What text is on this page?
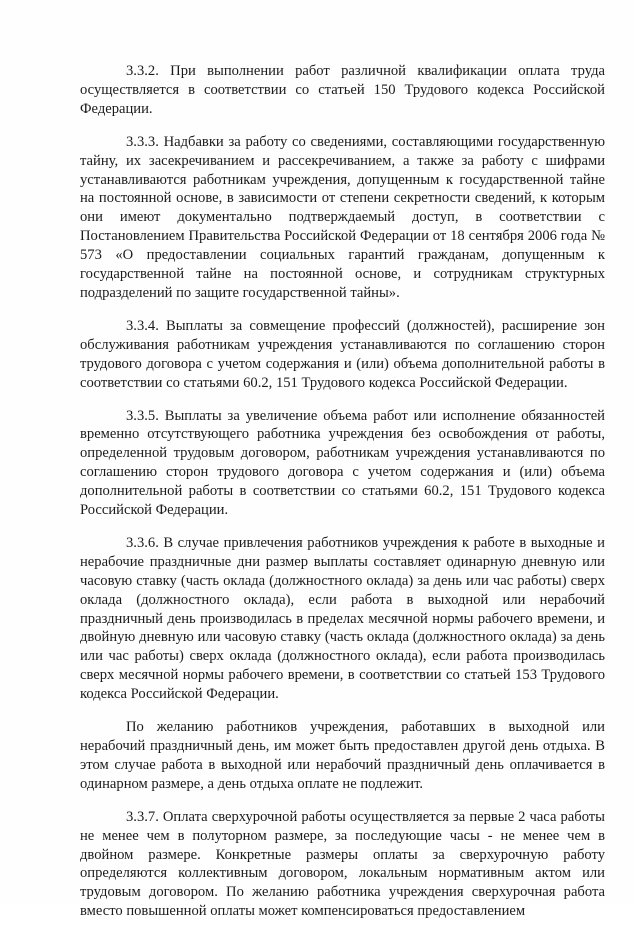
3.3.2. При выполнении работ различной квалификации оплата труда осуществляется в соответствии со статьей 150 Трудового кодекса Российской Федерации.

3.3.3. Надбавки за работу со сведениями, составляющими государственную тайну, их засекречиванием и рассекречиванием, а также за работу с шифрами устанавливаются работникам учреждения, допущенным к государственной тайне на постоянной основе, в зависимости от степени секретности сведений, к которым они имеют документально подтверждаемый доступ, в соответствии с Постановлением Правительства Российской Федерации от 18 сентября 2006 года № 573 «О предоставлении социальных гарантий гражданам, допущенным к государственной тайне на постоянной основе, и сотрудникам структурных подразделений по защите государственной тайны».

3.3.4. Выплаты за совмещение профессий (должностей), расширение зон обслуживания работникам учреждения устанавливаются по соглашению сторон трудового договора с учетом содержания и (или) объема дополнительной работы в соответствии со статьями 60.2, 151 Трудового кодекса Российской Федерации.

3.3.5. Выплаты за увеличение объема работ или исполнение обязанностей временно отсутствующего работника учреждения без освобождения от работы, определенной трудовым договором, работникам учреждения устанавливаются по соглашению сторон трудового договора с учетом содержания и (или) объема дополнительной работы в соответствии со статьями 60.2, 151 Трудового кодекса Российской Федерации.

3.3.6. В случае привлечения работников учреждения к работе в выходные и нерабочие праздничные дни размер выплаты составляет одинарную дневную или часовую ставку (часть оклада (должностного оклада) за день или час работы) сверх оклада (должностного оклада), если работа в выходной или нерабочий праздничный день производилась в пределах месячной нормы рабочего времени, и двойную дневную или часовую ставку (часть оклада (должностного оклада) за день или час работы) сверх оклада (должностного оклада), если работа производилась сверх месячной нормы рабочего времени, в соответствии со статьей 153 Трудового кодекса Российской Федерации.

По желанию работников учреждения, работавших в выходной или нерабочий праздничный день, им может быть предоставлен другой день отдыха. В этом случае работа в выходной или нерабочий праздничный день оплачивается в одинарном размере, а день отдыха оплате не подлежит.

3.3.7. Оплата сверхурочной работы осуществляется за первые 2 часа работы не менее чем в полуторном размере, за последующие часы - не менее чем в двойном размере. Конкретные размеры оплаты за сверхурочную работу определяются коллективным договором, локальным нормативным актом или трудовым договором. По желанию работника учреждения сверхурочная работа вместо повышенной оплаты может компенсироваться предоставлением
